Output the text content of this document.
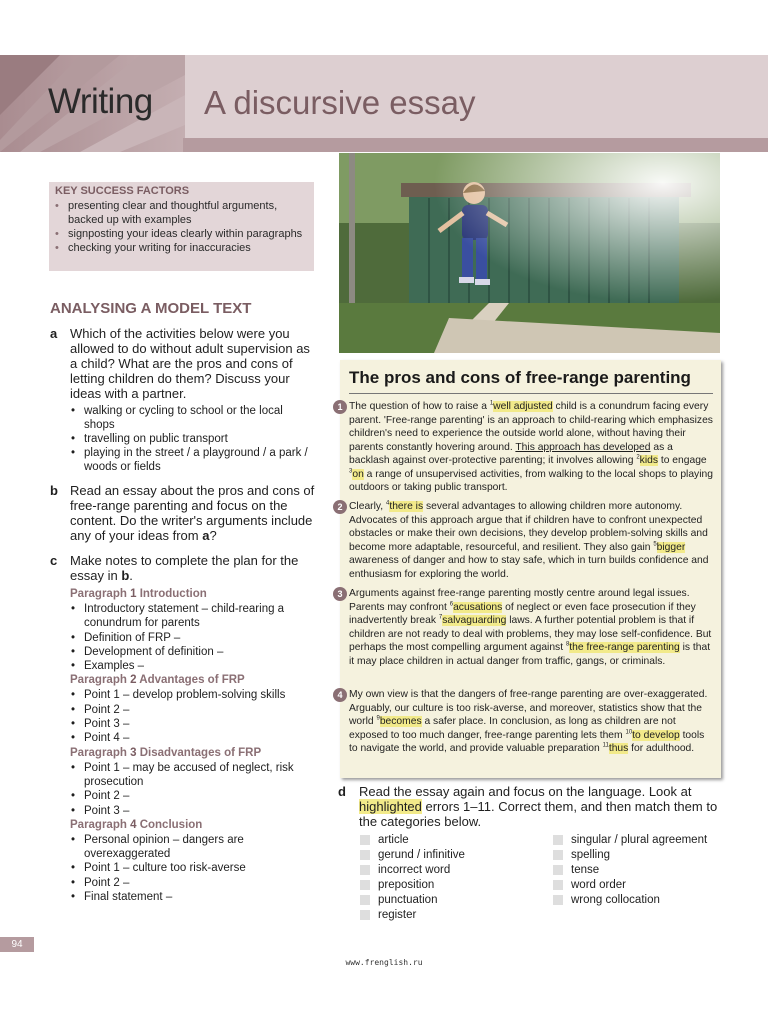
Writing A discursive essay
KEY SUCCESS FACTORS
• presenting clear and thoughtful arguments, backed up with examples
• signposting your ideas clearly within paragraphs
• checking your writing for inaccuracies
ANALYSING A MODEL TEXT
a Which of the activities below were you allowed to do without adult supervision as a child? What are the pros and cons of letting children do them? Discuss your ideas with a partner.
• walking or cycling to school or the local shops
• travelling on public transport
• playing in the street / a playground / a park / woods or fields
b Read an essay about the pros and cons of free-range parenting and focus on the content. Do the writer's arguments include any of your ideas from a?
c Make notes to complete the plan for the essay in b.
Paragraph 1 Introduction
• Introductory statement – child-rearing a conundrum for parents
• Definition of FRP –
• Development of definition –
• Examples –
Paragraph 2 Advantages of FRP
• Point 1 – develop problem-solving skills
• Point 2 –
• Point 3 –
• Point 4 –
Paragraph 3 Disadvantages of FRP
• Point 1 – may be accused of neglect, risk prosecution
• Point 2 –
• Point 3 –
Paragraph 4 Conclusion
• Personal opinion – dangers are overexaggerated
• Point 1 – culture too risk-averse
• Point 2 –
• Final statement –
The pros and cons of free-range parenting
1 The question of how to raise a $^1$well adjusted child is a conundrum facing every parent. 'Free-range parenting' is an approach to child-rearing which emphasizes children's need to experience the outside world alone, without having their parents constantly hovering around. This approach has developed as a backlash against over-protective parenting; it involves allowing $^2$kids to engage $^3$on a range of unsupervised activities, from walking to the local shops to playing outdoors or taking public transport.
2 Clearly, $^4$there is several advantages to allowing children more autonomy. Advocates of this approach argue that if children have to confront unexpected obstacles or make their own decisions, they develop problem-solving skills and become more adaptable, resourceful, and resilient. They also gain $^5$bigger awareness of danger and how to stay safe, which in turn builds confidence and enthusiasm for exploring the world.
3 Arguments against free-range parenting mostly centre around legal issues. Parents may confront $^6$acusations of neglect or even face prosecution if they inadvertently break $^7$salvaguarding laws. A further potential problem is that if children are not ready to deal with problems, they may lose self-confidence. But perhaps the most compelling argument against $^8$the free-range parenting is that it may place children in actual danger from traffic, gangs, or criminals.
4 My own view is that the dangers of free-range parenting are over-exaggerated. Arguably, our culture is too risk-averse, and moreover, statistics show that the world $^9$becomes a safer place. In conclusion, as long as children are not exposed to too much danger, free-range parenting lets them $^{10}$to develop tools to navigate the world, and provide valuable preparation $^{11}$thus for adulthood.
d Read the essay again and focus on the language. Look at highlighted errors 1–11. Correct them, and then match them to the categories below.
article
gerund / infinitive
incorrect word
preposition
punctuation
register
singular / plural agreement
spelling
tense
word order
wrong collocation
94
www.frenglish.ru
